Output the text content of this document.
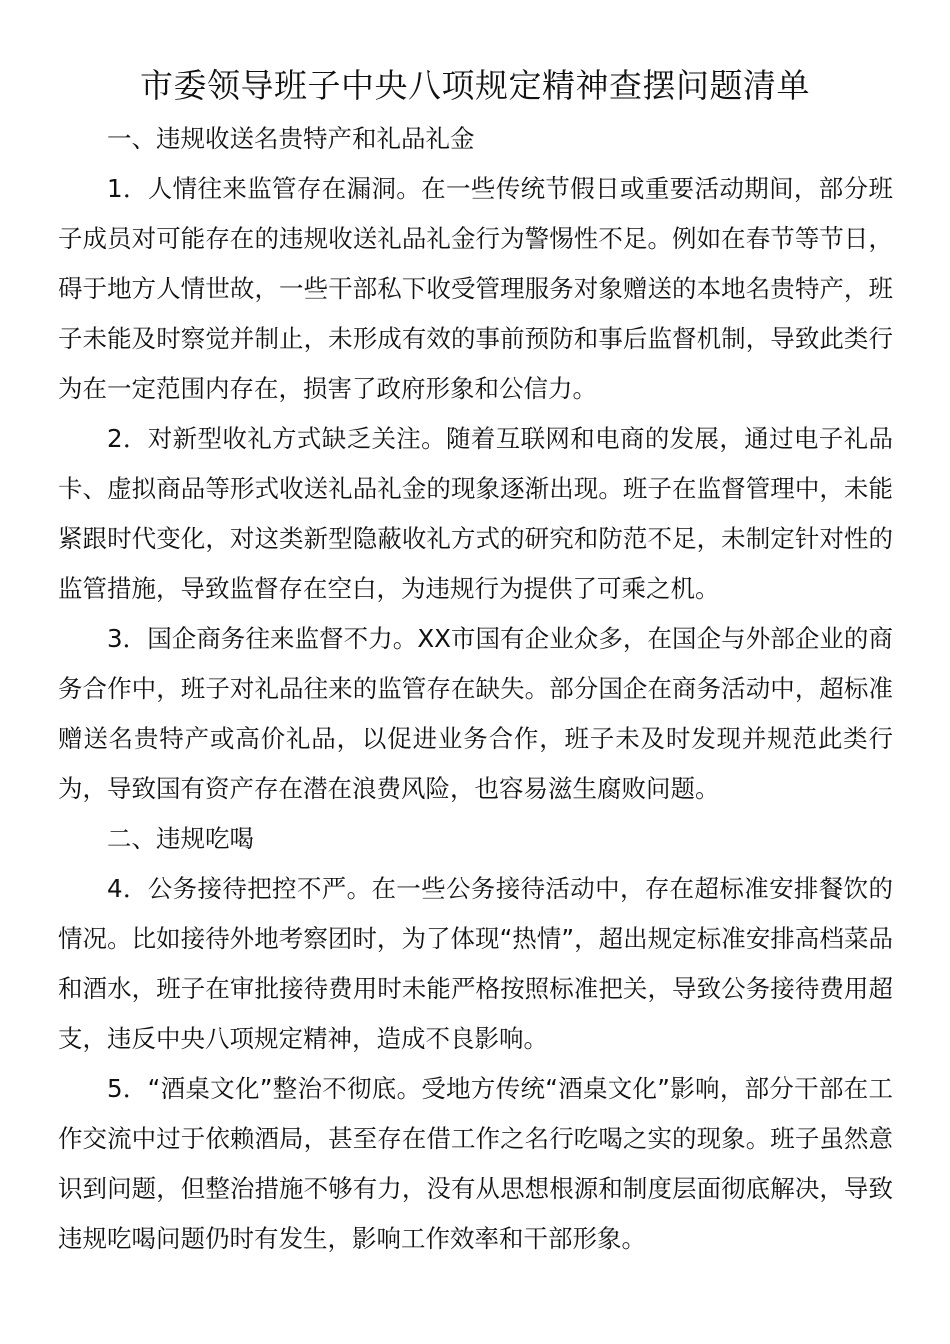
市委领导班子中央八项规定精神查摆问题清单

一、违规收送名贵特产和礼品礼金

1．人情往来监管存在漏洞。在一些传统节假日或重要活动期间，部分班子成员对可能存在的违规收送礼品礼金行为警惕性不足。例如在春节等节日，碍于地方人情世故，一些干部私下收受管理服务对象赠送的本地名贵特产，班子未能及时察觉并制止，未形成有效的事前预防和事后监督机制，导致此类行为在一定范围内存在，损害了政府形象和公信力。

2．对新型收礼方式缺乏关注。随着互联网和电商的发展，通过电子礼品卡、虚拟商品等形式收送礼品礼金的现象逐渐出现。班子在监督管理中，未能紧跟时代变化，对这类新型隐蔽收礼方式的研究和防范不足，未制定针对性的监管措施，导致监督存在空白，为违规行为提供了可乘之机。

3．国企商务往来监督不力。XX市国有企业众多，在国企与外部企业的商务合作中，班子对礼品往来的监管存在缺失。部分国企在商务活动中，超标准赠送名贵特产或高价礼品，以促进业务合作，班子未及时发现并规范此类行为，导致国有资产存在潜在浪费风险，也容易滋生腐败问题。

二、违规吃喝

4．公务接待把控不严。在一些公务接待活动中，存在超标准安排餐饮的情况。比如接待外地考察团时，为了体现“热情”，超出规定标准安排高档菜品和酒水，班子在审批接待费用时未能严格按照标准把关，导致公务接待费用超支，违反中央八项规定精神，造成不良影响。

5．“酒桌文化”整治不彻底。受地方传统“酒桌文化”影响，部分干部在工作交流中过于依赖酒局，甚至存在借工作之名行吃喝之实的现象。班子虽然意识到问题，但整治措施不够有力，没有从思想根源和制度层面彻底解决，导致违规吃喝问题仍时有发生，影响工作效率和干部形象。
